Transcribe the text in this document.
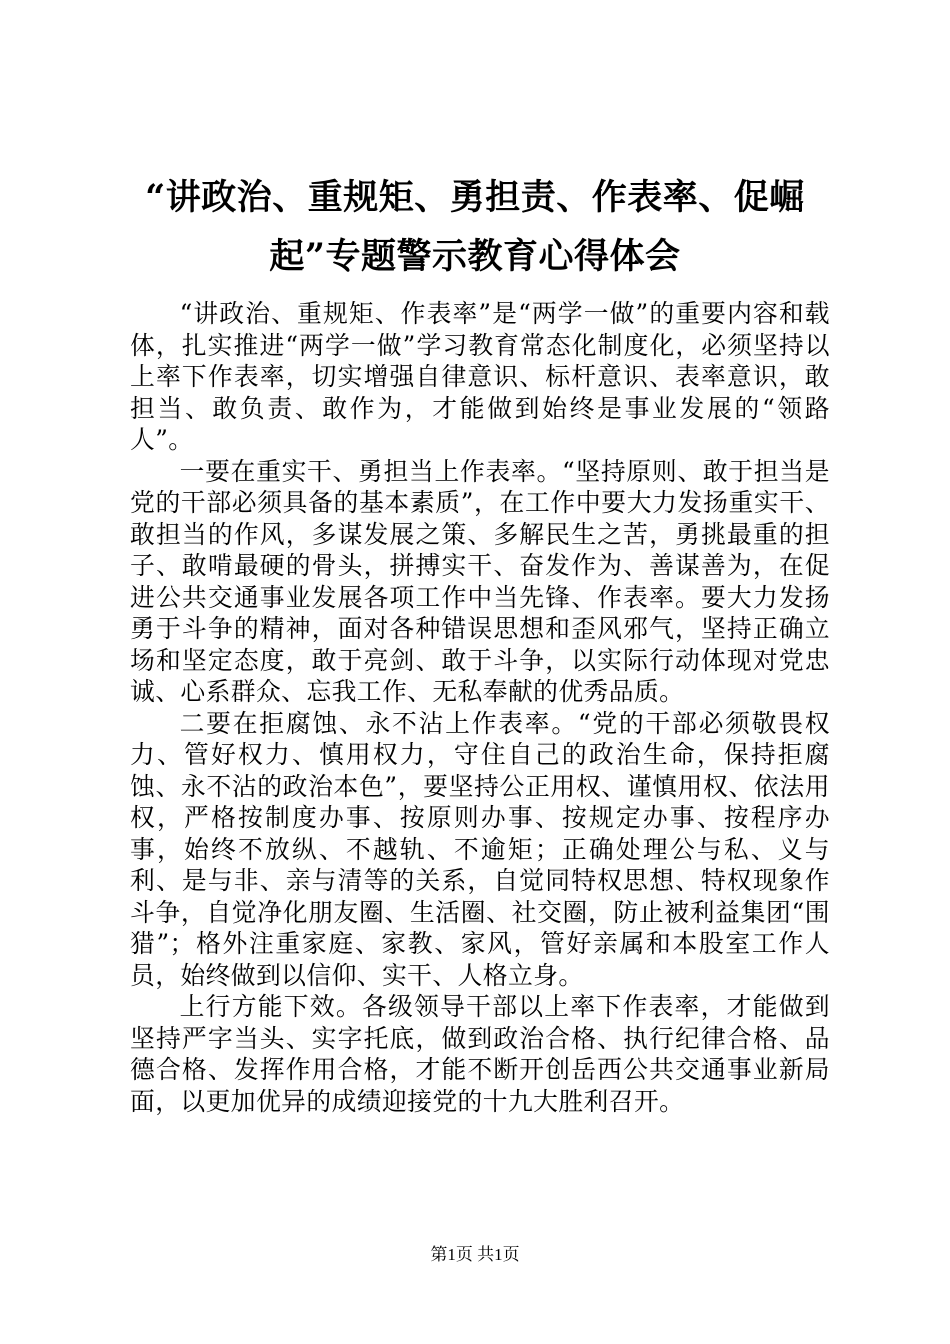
“讲政治、重规矩、勇担责、作表率、促崛
起”专题警示教育心得体会

“讲政治、重规矩、作表率”是“两学一做”的重要内容和载体，扎实推进“两学一做”学习教育常态化制度化，必须坚持以上率下作表率，切实增强自律意识、标杆意识、表率意识，敢担当、敢负责、敢作为，才能做到始终是事业发展的“领路人”。

一要在重实干、勇担当上作表率。“坚持原则、敢于担当是党的干部必须具备的基本素质”，在工作中要大力发扬重实干、敢担当的作风，多谋发展之策、多解民生之苦，勇挑最重的担子、敢啃最硬的骨头，拼搏实干、奋发作为、善谋善为，在促进公共交通事业发展各项工作中当先锋、作表率。要大力发扬勇于斗争的精神，面对各种错误思想和歪风邪气，坚持正确立场和坚定态度，敢于亮剑、敢于斗争，以实际行动体现对党忠诚、心系群众、忘我工作、无私奉献的优秀品质。

二要在拒腐蚀、永不沾上作表率。“党的干部必须敬畏权力、管好权力、慎用权力，守住自己的政治生命，保持拒腐蚀、永不沾的政治本色”，要坚持公正用权、谨慎用权、依法用权，严格按制度办事、按原则办事、按规定办事、按程序办事，始终不放纵、不越轨、不逾矩；正确处理公与私、义与利、是与非、亲与清等的关系，自觉同特权思想、特权现象作斗争，自觉净化朋友圈、生活圈、社交圈，防止被利益集团“围猎”；格外注重家庭、家教、家风，管好亲属和本股室工作人员，始终做到以信仰、实干、人格立身。

上行方能下效。各级领导干部以上率下作表率，才能做到坚持严字当头、实字托底，做到政治合格、执行纪律合格、品德合格、发挥作用合格，才能不断开创岳西公共交通事业新局面，以更加优异的成绩迎接党的十九大胜利召开。

第1页 共1页
